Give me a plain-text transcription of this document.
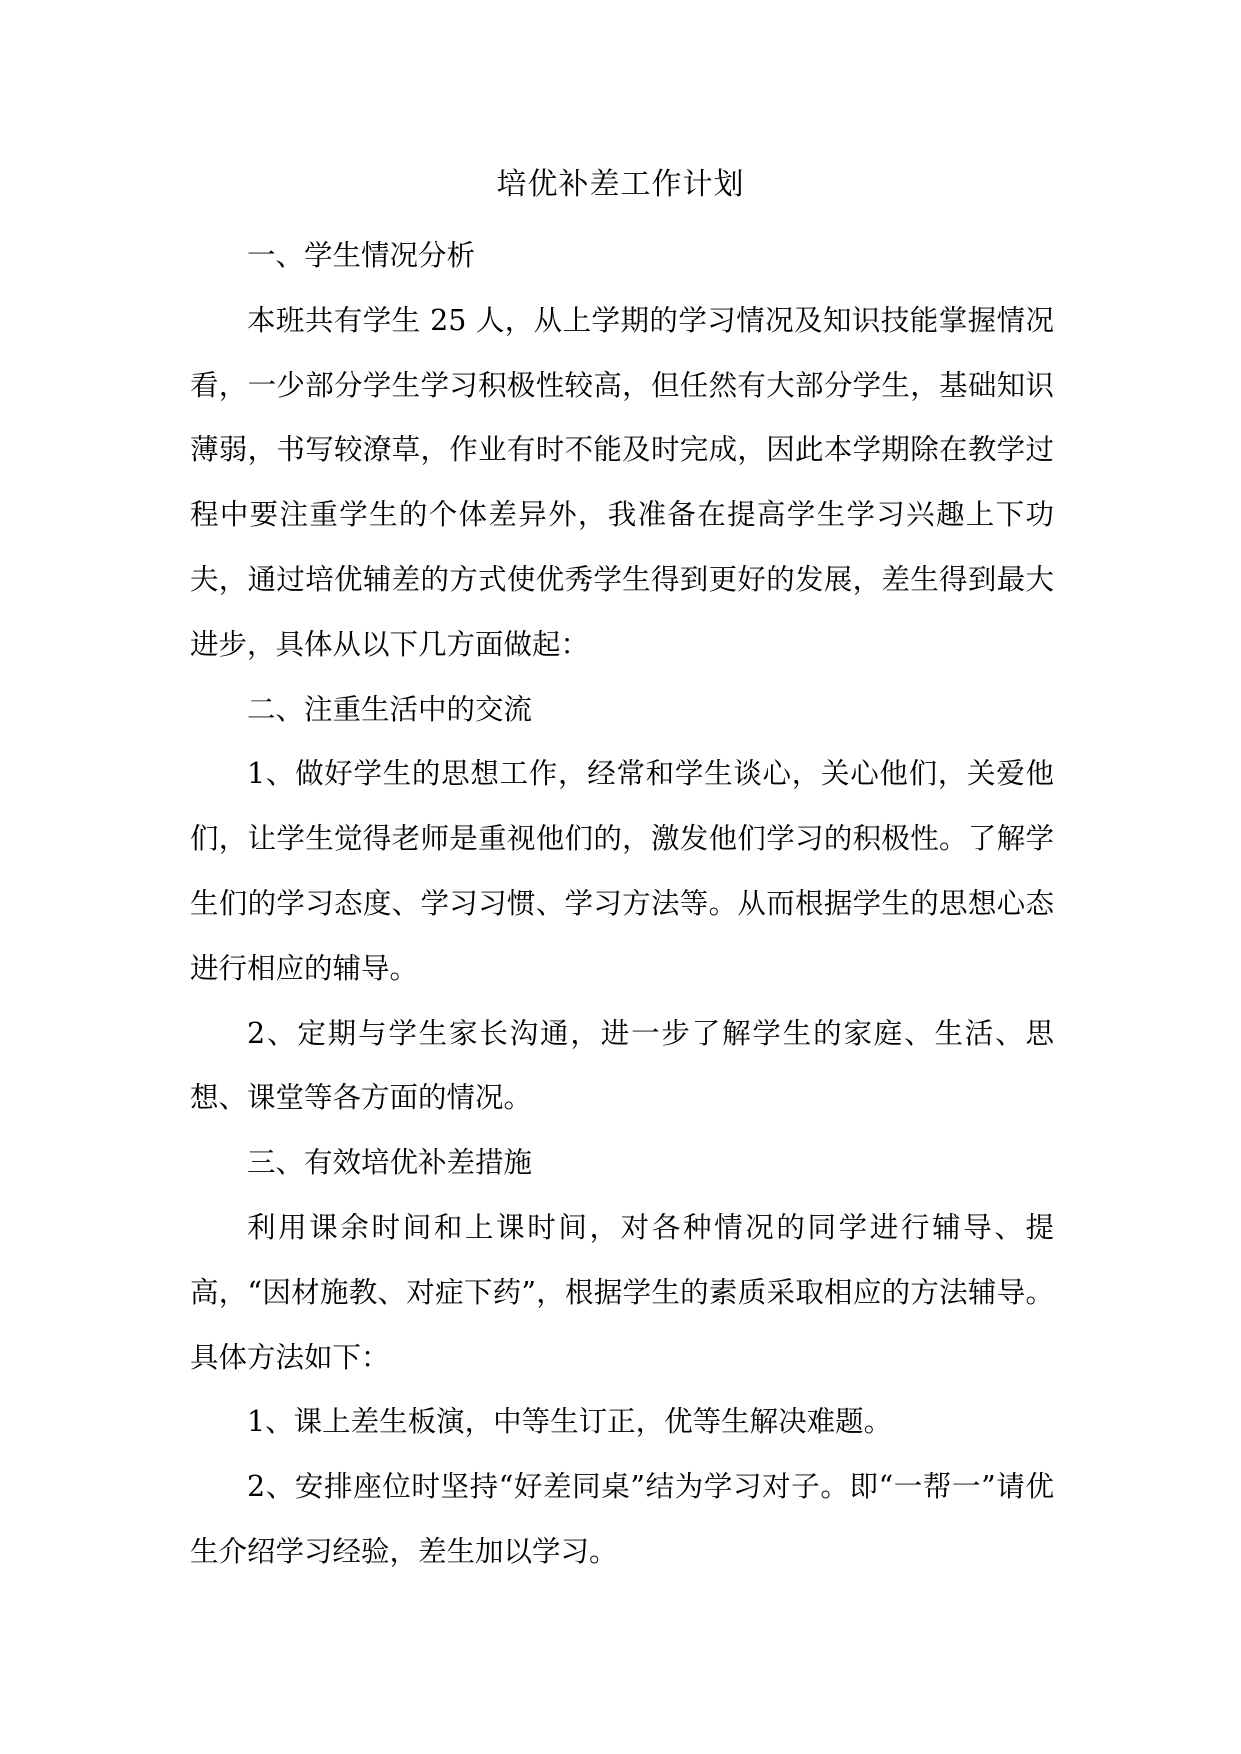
培优补差工作计划

一、学生情况分析

本班共有学生 25 人，从上学期的学习情况及知识技能掌握情况看，一少部分学生学习积极性较高，但任然有大部分学生，基础知识薄弱，书写较潦草，作业有时不能及时完成，因此本学期除在教学过程中要注重学生的个体差异外，我准备在提高学生学习兴趣上下功夫，通过培优辅差的方式使优秀学生得到更好的发展，差生得到最大进步，具体从以下几方面做起：

二、注重生活中的交流

1、做好学生的思想工作，经常和学生谈心，关心他们，关爱他们，让学生觉得老师是重视他们的，激发他们学习的积极性。了解学生们的学习态度、学习习惯、学习方法等。从而根据学生的思想心态进行相应的辅导。

2、定期与学生家长沟通，进一步了解学生的家庭、生活、思想、课堂等各方面的情况。

三、有效培优补差措施

利用课余时间和上课时间，对各种情况的同学进行辅导、提高，“因材施教、对症下药”，根据学生的素质采取相应的方法辅导。具体方法如下：

1、课上差生板演，中等生订正，优等生解决难题。

2、安排座位时坚持“好差同桌”结为学习对子。即“一帮一”请优生介绍学习经验，差生加以学习。
